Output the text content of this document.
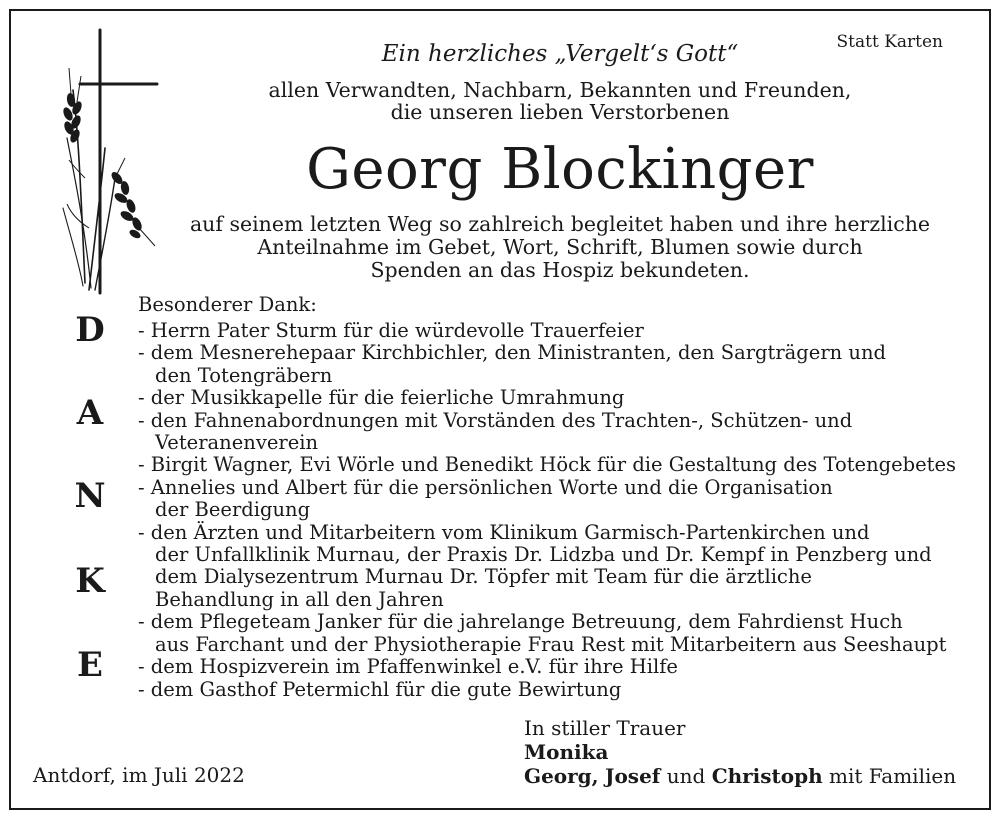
Statt Karten
Ein herzliches „Vergelt‘s Gott“
allen Verwandten, Nachbarn, Bekannten und Freunden,
die unseren lieben Verstorbenen
Georg Blockinger
auf seinem letzten Weg so zahlreich begleitet haben und ihre herzliche
Anteilnahme im Gebet, Wort, Schrift, Blumen sowie durch
Spenden an das Hospiz bekundeten.
D
A
N
K
E
Besonderer Dank:
- Herrn Pater Sturm für die würdevolle Trauerfeier
- dem Mesnerehepaar Kirchbichler, den Ministranten, den Sargträgern und
den Totengräbern
- der Musikkapelle für die feierliche Umrahmung
- den Fahnenabordnungen mit Vorständen des Trachten-, Schützen- und
Veteranenverein
- Birgit Wagner, Evi Wörle und Benedikt Höck für die Gestaltung des Totengebetes
- Annelies und Albert für die persönlichen Worte und die Organisation
der Beerdigung
- den Ärzten und Mitarbeitern vom Klinikum Garmisch-Partenkirchen und
der Unfallklinik Murnau, der Praxis Dr. Lidzba und Dr. Kempf in Penzberg und
dem Dialysezentrum Murnau Dr. Töpfer mit Team für die ärztliche
Behandlung in all den Jahren
- dem Pflegeteam Janker für die jahrelange Betreuung, dem Fahrdienst Huch
aus Farchant und der Physiotherapie Frau Rest mit Mitarbeitern aus Seeshaupt
- dem Hospizverein im Pfaffenwinkel e.V. für ihre Hilfe
- dem Gasthof Petermichl für die gute Bewirtung
Antdorf, im Juli 2022
In stiller Trauer
Monika
Georg, Josef und Christoph mit Familien
